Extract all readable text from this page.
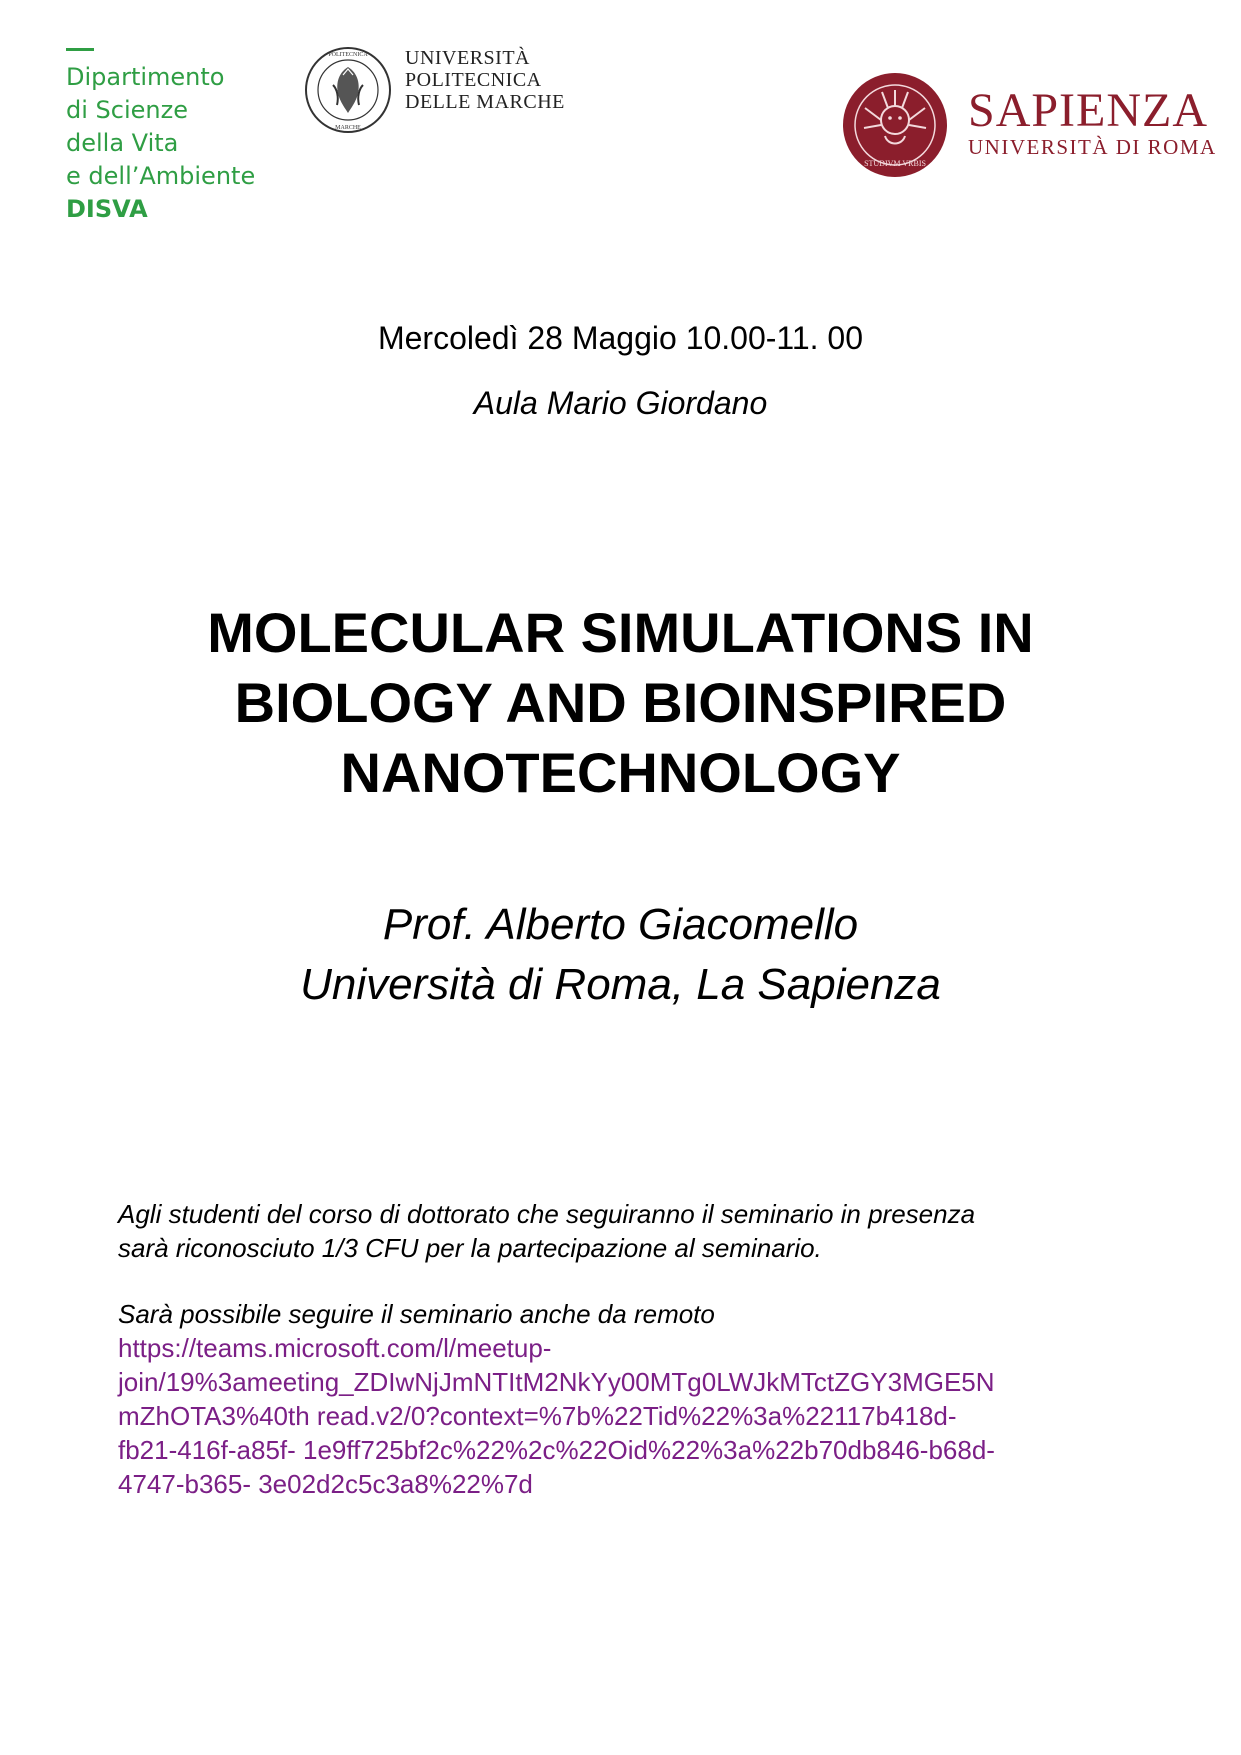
Dipartimento
di Scienze
della Vita
e dell’Ambiente
DISVA
POLITECNICA
MARCHE
UNIVERSITÀ
POLITECNICA
DELLE MARCHE
STUDIVM VRBIS
SAPIENZA
UNIVERSITÀ DI ROMA
Mercoledì 28 Maggio 10.00-11. 00
Aula Mario Giordano
MOLECULAR SIMULATIONS IN
BIOLOGY AND BIOINSPIRED
NANOTECHNOLOGY
Prof. Alberto Giacomello
Università di Roma, La Sapienza
Agli studenti del corso di dottorato che seguiranno il seminario in presenza
sarà riconosciuto 1/3 CFU per la partecipazione al seminario.
Sarà possibile seguire il seminario anche da remoto
https://teams.microsoft.com/l/meetup-
join/19%3ameeting_ZDIwNjJmNTItM2NkYy00MTg0LWJkMTctZGY3MGE5N
mZhOTA3%40th read.v2/0?context=%7b%22Tid%22%3a%22117b418d-
fb21-416f-a85f- 1e9ff725bf2c%22%2c%22Oid%22%3a%22b70db846-b68d-
4747-b365- 3e02d2c5c3a8%22%7d
